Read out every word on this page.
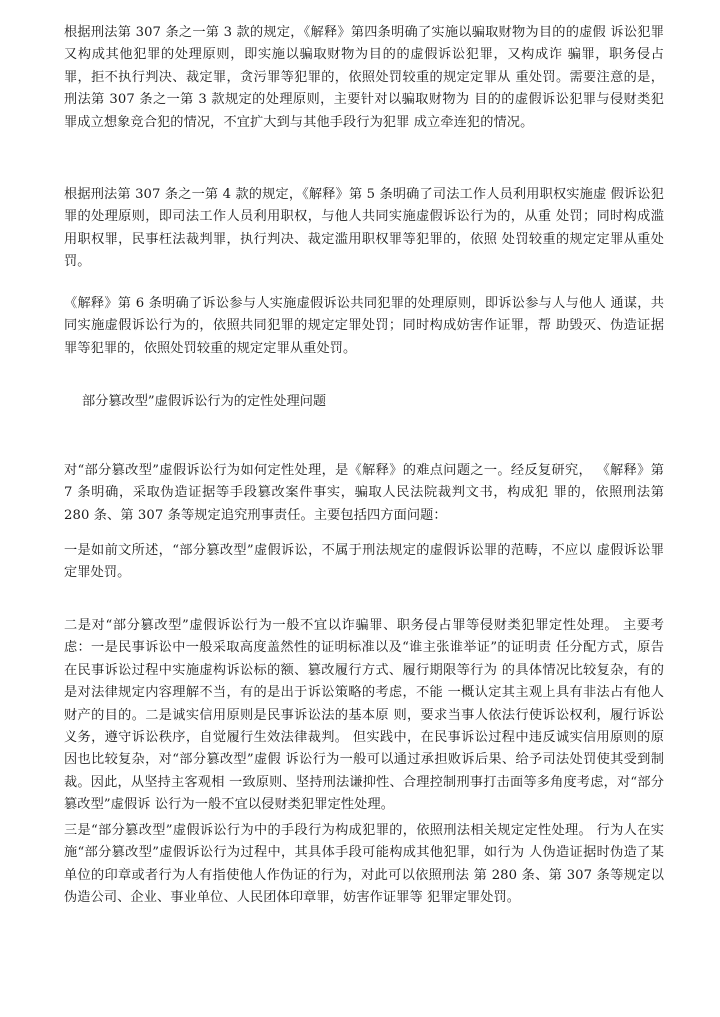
根据刑法第 307 条之一第 3 款的规定，《解释》第四条明确了实施以骗取财物为目的的虚假 诉讼犯罪又构成其他犯罪的处理原则，即实施以骗取财物为目的的虚假诉讼犯罪，又构成诈 骗罪，职务侵占罪，拒不执行判决、裁定罪，贪污罪等犯罪的，依照处罚较重的规定定罪从 重处罚。需要注意的是，刑法第 307 条之一第 3 款规定的处理原则，主要针对以骗取财物为 目的的虚假诉讼犯罪与侵财类犯罪成立想象竞合犯的情况，不宜扩大到与其他手段行为犯罪 成立牵连犯的情况。

根据刑法第 307 条之一第 4 款的规定，《解释》第 5 条明确了司法工作人员利用职权实施虚 假诉讼犯罪的处理原则，即司法工作人员利用职权，与他人共同实施虚假诉讼行为的，从重 处罚；同时构成滥用职权罪，民事枉法裁判罪，执行判决、裁定滥用职权罪等犯罪的，依照 处罚较重的规定定罪从重处罚。

《解释》第 6 条明确了诉讼参与人实施虚假诉讼共同犯罪的处理原则，即诉讼参与人与他人 通谋，共同实施虚假诉讼行为的，依照共同犯罪的规定定罪处罚；同时构成妨害作证罪，帮 助毁灭、伪造证据罪等犯罪的，依照处罚较重的规定定罪从重处罚。

部分篡改型”虚假诉讼行为的定性处理问题

对“部分篡改型”虚假诉讼行为如何定性处理，是《解释》的难点问题之一。经反复研究， 《解释》第 7 条明确，采取伪造证据等手段篡改案件事实，骗取人民法院裁判文书，构成犯 罪的，依照刑法第 280 条、第 307 条等规定追究刑事责任。主要包括四方面问题：

一是如前文所述，“部分篡改型”虚假诉讼，不属于刑法规定的虚假诉讼罪的范畴，不应以 虚假诉讼罪定罪处罚。

二是对“部分篡改型”虚假诉讼行为一般不宜以诈骗罪、职务侵占罪等侵财类犯罪定性处理。 主要考虑：一是民事诉讼中一般采取高度盖然性的证明标准以及“谁主张谁举证”的证明责 任分配方式，原告在民事诉讼过程中实施虚构诉讼标的额、篡改履行方式、履行期限等行为 的具体情况比较复杂，有的是对法律规定内容理解不当，有的是出于诉讼策略的考虑，不能 一概认定其主观上具有非法占有他人财产的目的。二是诚实信用原则是民事诉讼法的基本原 则，要求当事人依法行使诉讼权利，履行诉讼义务，遵守诉讼秩序，自觉履行生效法律裁判。 但实践中，在民事诉讼过程中违反诚实信用原则的原因也比较复杂，对“部分篡改型”虚假 诉讼行为一般可以通过承担败诉后果、给予司法处罚使其受到制裁。因此，从坚持主客观相 一致原则、坚持刑法谦抑性、合理控制刑事打击面等多角度考虑，对“部分篡改型”虚假诉 讼行为一般不宜以侵财类犯罪定性处理。

三是“部分篡改型”虚假诉讼行为中的手段行为构成犯罪的，依照刑法相关规定定性处理。 行为人在实施“部分篡改型”虚假诉讼行为过程中，其具体手段可能构成其他犯罪，如行为 人伪造证据时伪造了某单位的印章或者行为人有指使他人作伪证的行为，对此可以依照刑法 第 280 条、第 307 条等规定以伪造公司、企业、事业单位、人民团体印章罪，妨害作证罪等 犯罪定罪处罚。
